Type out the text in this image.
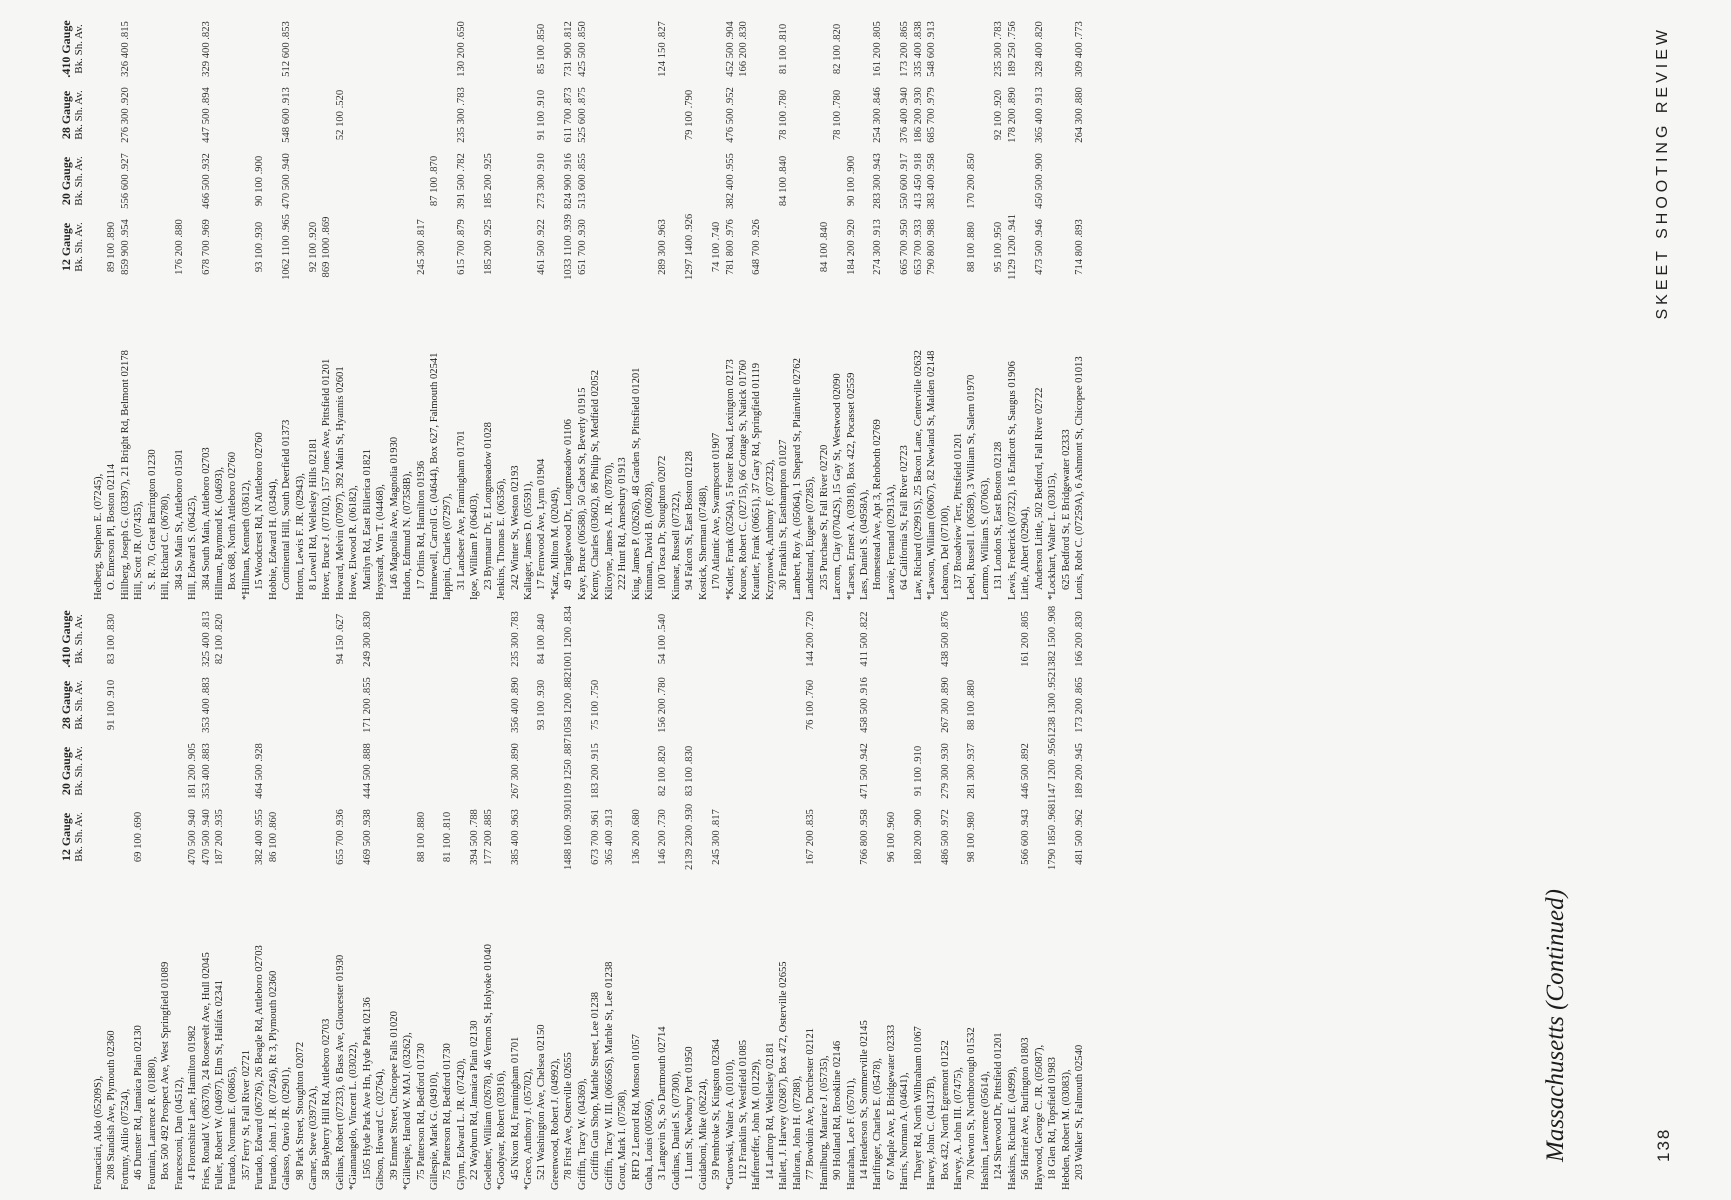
12 Gauge Bk. Sh. Av.
20 Gauge Bk. Sh. Av.
28 Gauge Bk. Sh. Av.
.410 Gauge Bk. Sh. Av.
Fornaciari, Aldo (05209S), 208 Standish Ave, Plymouth 02360
91 100 .910
83 100 .830
Fortuny, Atilio (07524), 46 Dunster Rd, Jamaica Plain 02130
69 100 .690
Fountain, Laurence R. (01880), Box 500 492 Prospect Ave, West Springfield 01089 Francesconi, Dan (04512), 4 Florenshire Lane, Hamilton 01982
470 500 .940
181 200 .905
Fries, Ronald V. (06370), 24 Roosevelt Ave, Hull 02045
470 500 .940
353 400 .883
353 400 .883
325 400 .813
Fuller, Robert W. (04697), Elm St, Halifax 02341
187 200 .935
82 100 .820
Furtado, Norman E. (06865), 357 Ferry St, Fall River 02721 Furtado, Edward (06726), 26 Beagle Rd, Attleboro 02703
382 400 .955
464 500 .928
Furtado, John J. JR. (07246), Rt 3, Plymouth 02360
86 100 .860
Galasso, Otavio JR. (02901), 98 Park Street, Stoughton 02072 Garner, Steve (03972A), 58 Bayberry Hill Rd, Attleboro 02703 Gelinas, Robert (07233), 6 Bass Ave, Gloucester 01930
655 700 .936
94 150 .627
*Giannangelo, Vincent L. (03022), 1505 Hyde Park Ave Hn, Hyde Park 02136
469 500 .938
444 500 .888
171 200 .855
249 300 .830
Gibson, Howard C. (02764), 39 Emmet Street, Chicopee Falls 01020 *Gillespie, Harold W. MAJ. (03262), 75 Patterson Rd, Bedford 01730
88 100 .880
Gillespie, Mark G. (04910), 75 Patterson Rd, Bedford 01730
81 100 .810
Glynn, Edward L. JR. (07420), 22 Wayburn Rd, Jamaica Plain 02130
394 500 .788
Goeldner, William (02678), 46 Vernon St, Holyoke 01040
177 200 .885
*Goodyear, Robert (03916), 45 Nixon Rd, Framingham 01701
385 400 .963
267 300 .890
356 400 .890
235 300 .783
*Greco, Anthony J. (05702), 521 Washington Ave, Chelsea 02150
93 100 .930
84 100 .840
Greenwood, Robert J. (04992), 78 First Ave, Osterville 02655
1488 1600 .930
1109 1250 .887
1058 1200 .882
1001 1200 .834
Griffin, Tracy W. (04369), Griffin Gun Shop, Marble Street, Lee 01238
673 700 .961
183 200 .915
75 100 .750
Griffin, Tracy W. III. (06656S), Marble St, Lee 01238
365 400 .913
Grout, Mark I. (07508), RFD 2 Lenord Rd, Monson 01057
136 200 .680
Guba, Louis (00560), 3 Langevin St, So Dartmouth 02714
146 200 .730
82 100 .820
156 200 .780
54 100 .540
Gudinas, Daniel S. (07300), 1 Lunt St, Newbury Port 01950
2139 2300 .930
83 100 .830
Guidaboni, Mike (06224), 59 Pembroke St, Kingston 02364
245 300 .817
*Gutowski, Walter A. (01010), 112 Franklin St, Westfield 01085 Haffenreffer, John M. (01229), 14 Lathrop Rd, Wellesley 02181 Hallett, J. Harvey (02687), Box 472, Osterville 02655 Halloran, John H. (07288), 77 Bowdoin Ave, Dorchester 02121
167 200 .835
76 100 .760
144 200 .720
Hamilburg, Maurice J. (05735), 90 Holland Rd, Brookline 02146 Hanrahan, Leo F. (05701), 14 Henderson St, Sommerville 02145
766 800 .958
471 500 .942
458 500 .916
411 500 .822
Harlfinger, Charles E. (05478), 67 Maple Ave, E Bridgewater 02333
96 100 .960
Harris, Norman A. (04641), Thayer Rd, North Wilbraham 01067
180 200 .900
91 100 .910
Harvey, John C. (04137B), Box 432, North Egremont 01252
486 500 .972
279 300 .930
267 300 .890
438 500 .876
Harvey, A. John III. (07475), 70 Newton St, Northborough 01532
98 100 .980
281 300 .937
88 100 .880
Hashim, Lawrence (05614), 124 Sherwood Dr, Pittsfield 01201 Haskins, Richard E. (04999), 56 Harriet Ave, Burlington 01803
566 600 .943
446 500 .892
161 200 .805
Haywood, George C. JR. (05087), 18 Glen Rd, Topsfield 01983
1790 1850 .968
1147 1200 .956
1238 1300 .952
1382 1500 .908
Hebden, Robert M. (03083), 203 Walker St, Falmouth 02540
481 500 .962
189 200 .945
173 200 .865
166 200 .830
12 Gauge Bk. Sh. Av.
20 Gauge Bk. Sh. Av.
28 Gauge Bk. Sh. Av.
.410 Gauge Bk. Sh. Av.
Hedberg, Stephen E. (07245), O. Emerson Pl, Boston 02114
89 100 .890
Hillberg, Joseph G. (03397), 21 Bright Rd, Belmont 02178
859 900 .954
556 600 .927
276 300 .920
326 400 .815
Hill, Scott JR. (07435), S. R. 70, Great Barrington 01230 Hill, Richard C. (06780), 384 So Main St, Attleboro 01501
176 200 .880
Hill, Edward S. (06425), 384 South Main, Attleboro 02703
678 700 .969
466 500 .932
447 500 .894
329 400 .823
Hillman, Raymond K. (04693), Box 688, North Attleboro 02760 *Hillman, Kenneth (03612), 15 Woodcrest Rd, N Attleboro 02760
93 100 .930
90 100 .900
Hobbie, Edward H. (03494), Continental Hill, South Deerfield 01373
1062 1100 .965
470 500 .940
548 600 .913
512 600 .853
Horton, Lewis F. JR. (02943), 8 Lowell Rd, Wellesley Hills 02181
92 100 .920
Hover, Bruce J. (07102), 157 Jones Ave, Pittsfield 01201
869 1000 .869
Howard, Melvin (07097), 392 Main St, Hyannis 02601
52 100 .520
Howe, Elwood R. (06182), Marilyn Rd, East Billerica 01821 Hoyssradt, Wm T. (04468), 146 Magnolia Ave, Magnolia 01930 Hudon, Edmund N. (07358B), 17 Orlins Rd, Hamilton 01936
245 300 .817
Hunnewell, Carroll G. (04644), Box 627, Falmouth 02541
87 100 .870
Iappini, Charles (07297), 31 Landseer Ave, Framingham 01701
615 700 .879
391 500 .782
235 300 .783
130 200 .650
Igoe, William P. (06403), 23 Bymnaur Dr, E Longmeadow 01028
185 200 .925
185 200 .925
Jenkins, Thomas E. (06356), 242 Winter St, Weston 02193 Kallager, James D. (05591), 17 Fernwood Ave, Lynn 01904
461 500 .922
273 300 .910
91 100 .910
85 100 .850
*Katz, Milton M. (02049), 49 Tanglewood Dr, Longmeadow 01106
1033 1100 .939
824 900 .916
611 700 .873
731 900 .812
Kaye, Bruce (06588), 50 Cabot St, Beverly 01915
651 700 .930
513 600 .855
525 600 .875
425 500 .850
Kenny, Charles (03602), 86 Philip St, Medfield 02052 Kilcoyne, James A. JR. (07870), 222 Hunt Rd, Amesbury 01913 King, James P. (02626), 48 Garden St, Pittsfield 01201 Kinnnan, David B. (06028), 100 Tosca Dr, Stoughton 02072
289 300 .963
124 150 .827
Kinnear, Russell (07322), 94 Falcon St, East Boston 02128
1297 1400 .926
79 100 .790
Kostick, Sherman (07488), 170 Atlantic Ave, Swampscott 01907
74 100 .740
*Kotler, Frank (02504), 5 Foster Road, Lexington 02173
781 800 .976
382 400 .955
476 500 .952
452 500 .904
Kouroe, Robert C. (02715), 66 Cottage St, Natick 01760
166 200 .830
Krautler, Frank (06651), 37 Gary Rd, Springfield 01119
648 700 .926
Krzynowek, Anthony F. (07232), 30 Franklin St, Easthampton 01027
84 100 .840
78 100 .780
81 100 .810
Lambert, Roy A. (05064), 1 Shepard St, Plainville 02762 Landstrand, Eugene (07285), 235 Purchase St, Fall River 02720
84 100 .840
Larcom, Clay (07042S), 15 Gay St, Westwood 02090
78 100 .780
82 100 .820
*Larsen, Ernest A. (03918), Box 422, Pocasset 02559
184 200 .920
90 100 .900
Lass, Daniel S. (04958A), Homestead Ave, Apt 3, Rehoboth 02769
274 300 .913
283 300 .943
254 300 .846
161 200 .805
Lavoie, Fernand (02913A), 64 California St, Fall River 02723
665 700 .950
550 600 .917
376 400 .940
173 200 .865
Law, Richard (02991S), 25 Bacon Lane, Centerville 02632
653 700 .933
413 450 .918
186 200 .930
335 400 .838
*Lawson, William (06067), 82 Newland St, Malden 02148
790 800 .988
383 400 .958
685 700 .979
548 600 .913
Lebaron, Del (07100), 137 Broadview Terr, Pittsfield 01201 Lebel, Russell I. (06589), 3 William St, Salem 01970
88 100 .880
170 200 .850
Lemmo, William S. (07063), 131 London St, East Boston 02128
95 100 .950
92 100 .920
235 300 .783
Lewis, Frederick (07322), 16 Endicott St, Saugus 01906
1129 1200 .941
178 200 .890
189 250 .756
Little, Albert (02904), Anderson Little, 502 Bedford, Fall River 02722
473 500 .946
450 500 .900
365 400 .913
328 400 .820
*Lockhart, Walter L. (03015), 625 Bedford St, E Bridgewater 02333 Lonis, Robt C. (07259A), 6 Ashmont St, Chicopee 01013
714 800 .893
264 300 .880
309 400 .773
Massachusetts (Continued)	138
SKEET SHOOTING REVIEW
